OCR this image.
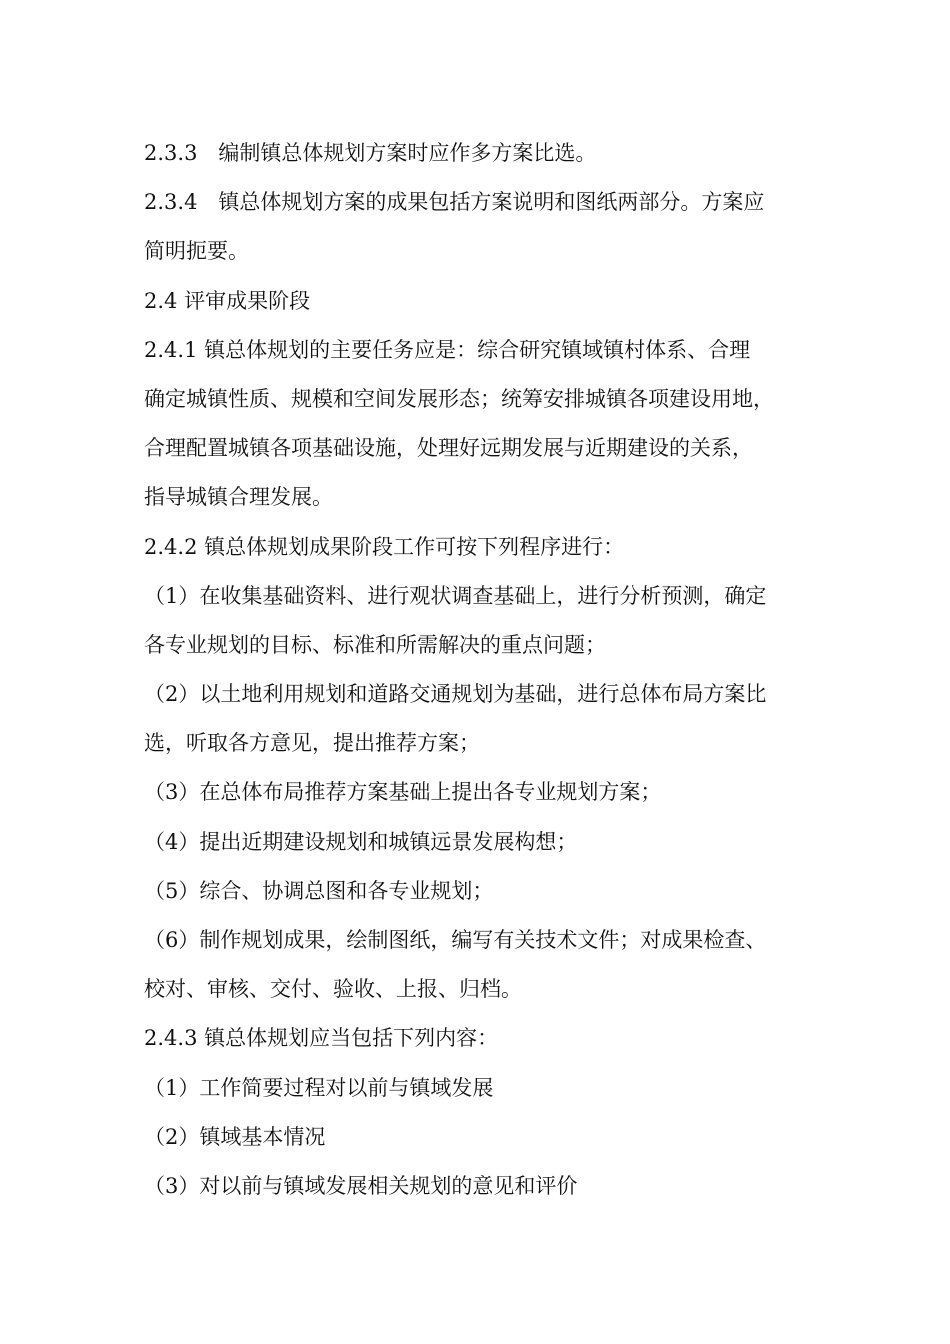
2.3.3　编制镇总体规划方案时应作多方案比选。
2.3.4　镇总体规划方案的成果包括方案说明和图纸两部分。方案应
简明扼要。
2.4 评审成果阶段
2.4.1 镇总体规划的主要任务应是：综合研究镇域镇村体系、合理
确定城镇性质、规模和空间发展形态；统筹安排城镇各项建设用地，
合理配置城镇各项基础设施，处理好远期发展与近期建设的关系，
指导城镇合理发展。
2.4.2 镇总体规划成果阶段工作可按下列程序进行：
（1）在收集基础资料、进行观状调查基础上，进行分析预测，确定
各专业规划的目标、标准和所需解决的重点问题；
（2）以土地利用规划和道路交通规划为基础，进行总体布局方案比
选，听取各方意见，提出推荐方案；
（3）在总体布局推荐方案基础上提出各专业规划方案；
（4）提出近期建设规划和城镇远景发展构想；
（5）综合、协调总图和各专业规划；
（6）制作规划成果，绘制图纸，编写有关技术文件；对成果检查、
校对、审核、交付、验收、上报、归档。
2.4.3 镇总体规划应当包括下列内容：
（1）工作简要过程对以前与镇域发展
（2）镇域基本情况
（3）对以前与镇域发展相关规划的意见和评价
